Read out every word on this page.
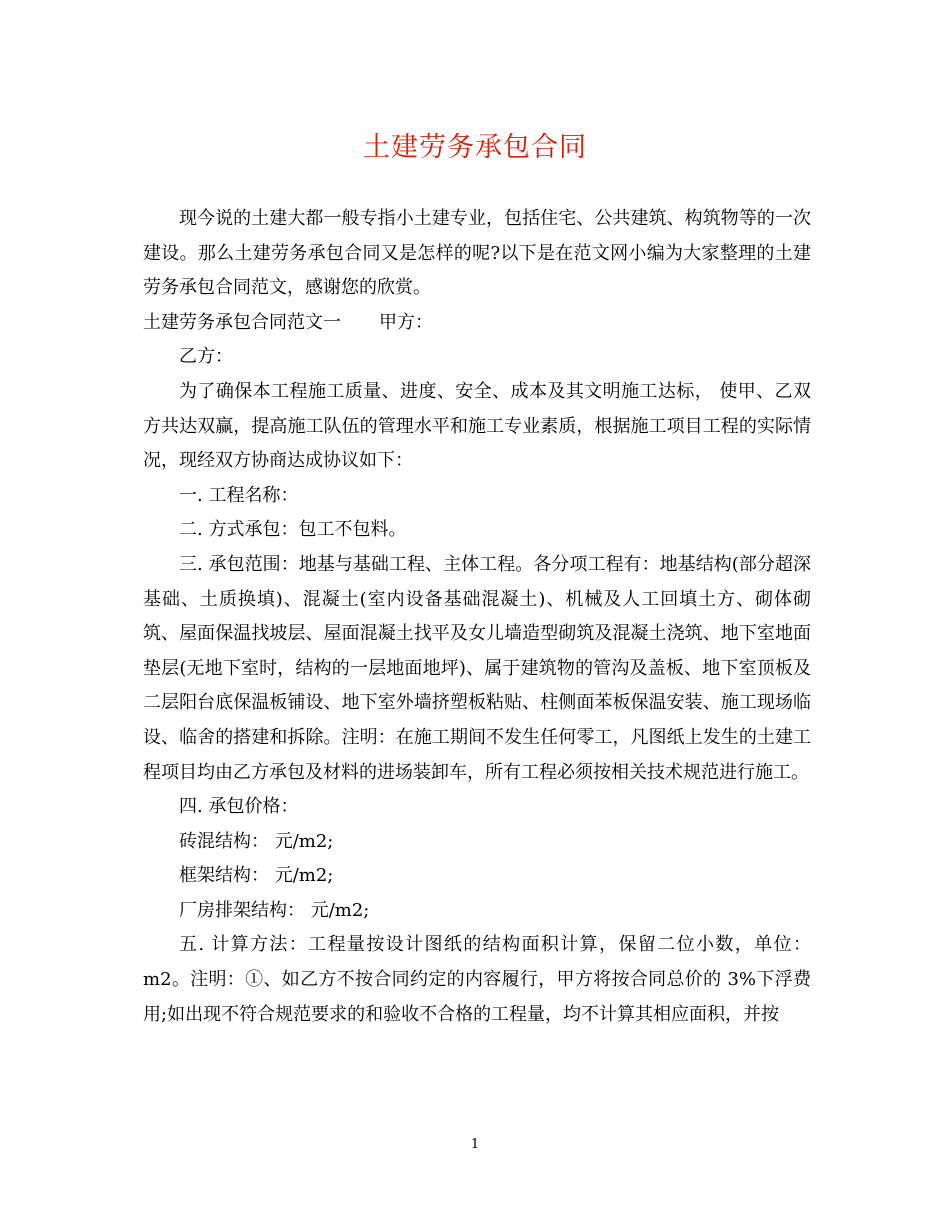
土建劳务承包合同

现今说的土建大都一般专指小土建专业，包括住宅、公共建筑、构筑物等的一次建设。那么土建劳务承包合同又是怎样的呢?以下是在范文网小编为大家整理的土建劳务承包合同范文，感谢您的欣赏。

土建劳务承包合同范文一 甲方：

乙方：

为了确保本工程施工质量、进度、安全、成本及其文明施工达标， 使甲、乙双方共达双赢，提高施工队伍的管理水平和施工专业素质，根据施工项目工程的实际情况，现经双方协商达成协议如下：

一. 工程名称：

二. 方式承包：包工不包料。

三. 承包范围：地基与基础工程、主体工程。各分项工程有：地基结构(部分超深基础、土质换填)、混凝土(室内设备基础混凝土)、机械及人工回填土方、砌体砌筑、屋面保温找坡层、屋面混凝土找平及女儿墙造型砌筑及混凝土浇筑、地下室地面垫层(无地下室时，结构的一层地面地坪)、属于建筑物的管沟及盖板、地下室顶板及二层阳台底保温板铺设、地下室外墙挤塑板粘贴、柱侧面苯板保温安装、施工现场临设、临舍的搭建和拆除。注明：在施工期间不发生任何零工，凡图纸上发生的土建工程项目均由乙方承包及材料的进场装卸车，所有工程必须按相关技术规范进行施工。

四. 承包价格：

砖混结构： 元/m2;

框架结构： 元/m2;

厂房排架结构： 元/m2;

五. 计算方法：工程量按设计图纸的结构面积计算，保留二位小数，单位：m2。注明：①、如乙方不按合同约定的内容履行，甲方将按合同总价的 3%下浮费用;如出现不符合规范要求的和验收不合格的工程量，均不计算其相应面积，并按

1
